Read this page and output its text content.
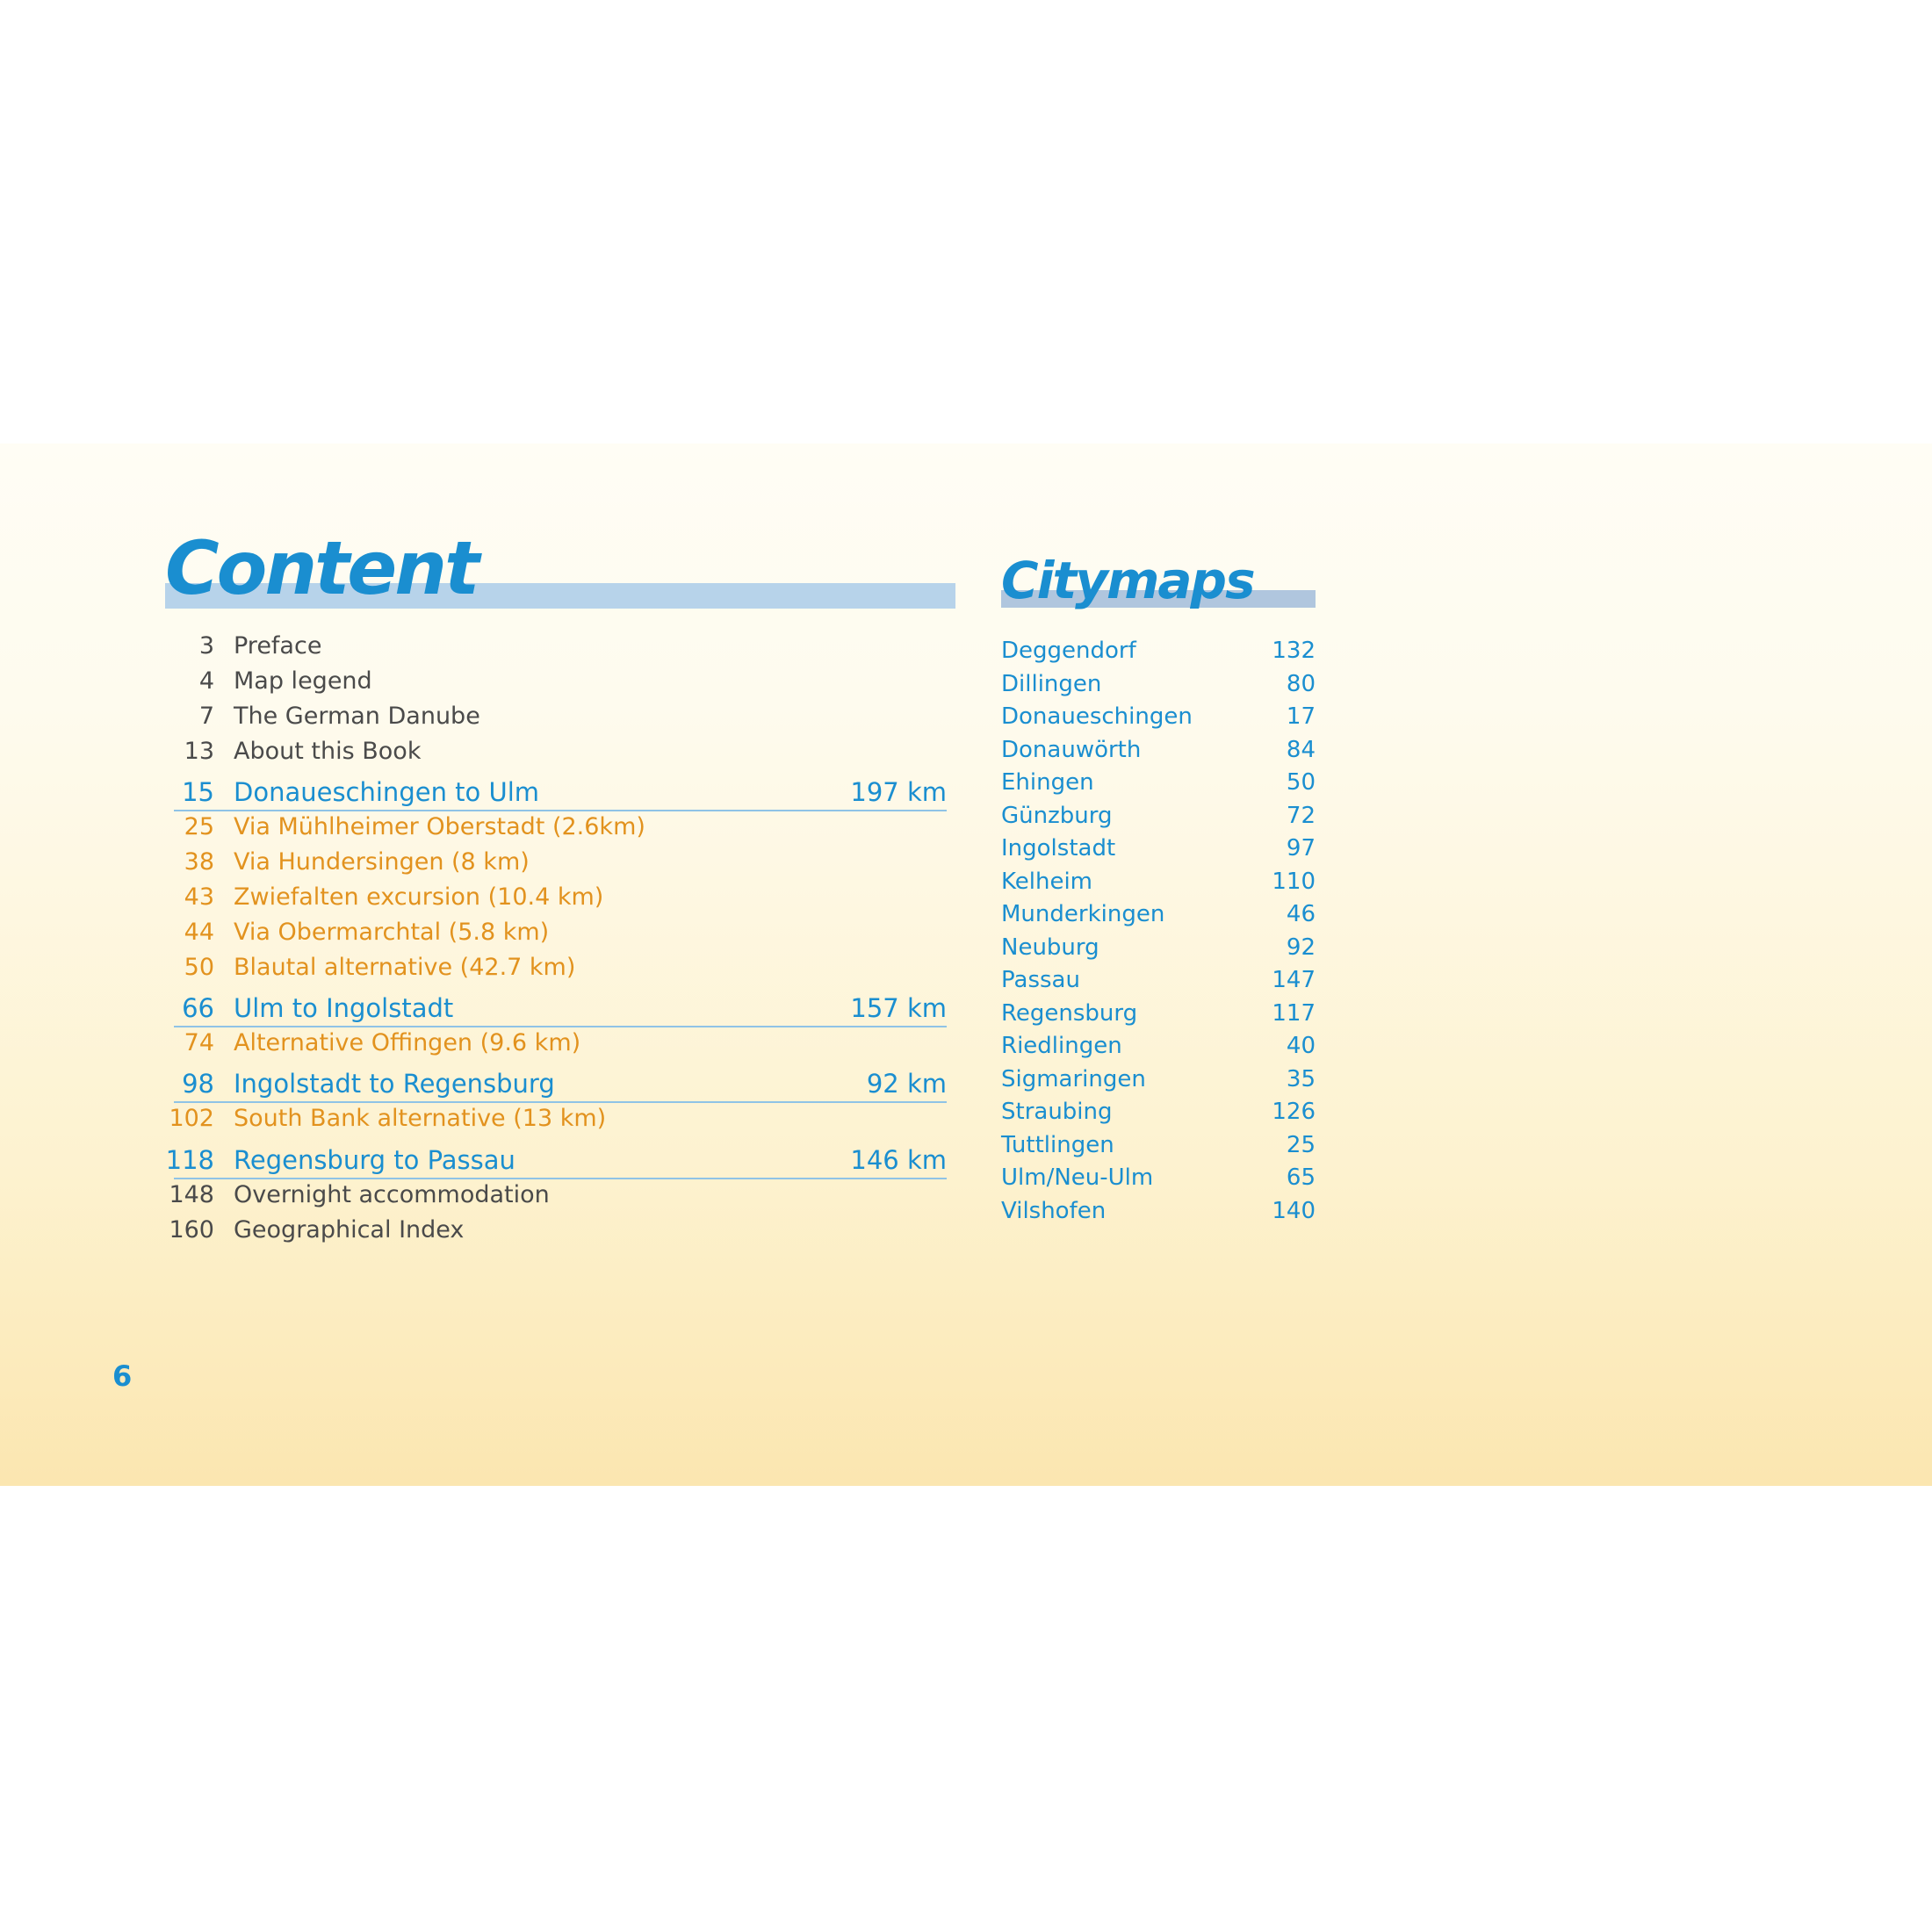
Content	Citymaps
3 Preface
4 Map legend
7 The German Danube
13 About this Book
15 Donaueschingen to Ulm	197 km
25 Via Mühlheimer Oberstadt (2.6km)
38 Via Hundersingen (8 km)
43 Zwiefalten excursion (10.4 km)
44 Via Obermarchtal (5.8 km)
50 Blautal alternative (42.7 km)
66 Ulm to Ingolstadt	157 km
74 Alternative Offingen (9.6 km)
98 Ingolstadt to Regensburg	92 km
102 South Bank alternative (13 km)
118 Regensburg to Passau	146 km
148 Overnight accommodation
160 Geographical Index
Deggendorf	132
Dillingen	80
Donaueschingen	17
Donauwörth	84
Ehingen	50
Günzburg	72
Ingolstadt	97
Kelheim	110
Munderkingen	46
Neuburg	92
Passau	147
Regensburg	117
Riedlingen	40
Sigmaringen	35
Straubing	126
Tuttlingen	25
Ulm/Neu-Ulm	65
Vilshofen	140
6
